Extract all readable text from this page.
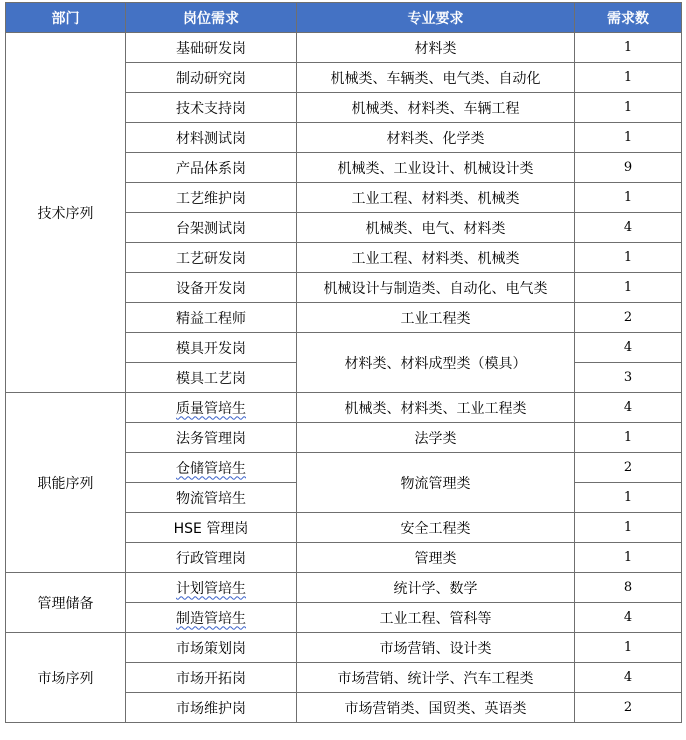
部门	岗位需求	专业要求	需求数
技术序列	基础研发岗	材料类	1
	制动研究岗	机械类、车辆类、电气类、自动化	1
	技术支持岗	机械类、材料类、车辆工程	1
	材料测试岗	材料类、化学类	1
	产品体系岗	机械类、工业设计、机械设计类	9
	工艺维护岗	工业工程、材料类、机械类	1
	台架测试岗	机械类、电气、材料类	4
	工艺研发岗	工业工程、材料类、机械类	1
	设备开发岗	机械设计与制造类、自动化、电气类	1
	精益工程师	工业工程类	2
	模具开发岗	材料类、材料成型类（模具）	4
	模具工艺岗		3
职能序列	质量管培生	机械类、材料类、工业工程类	4
	法务管理岗	法学类	1
	仓储管培生	物流管理类	2
	物流管培生		1
	HSE 管理岗	安全工程类	1
	行政管理岗	管理类	1
管理储备	计划管培生	统计学、数学	8
	制造管培生	工业工程、管科等	4
市场序列	市场策划岗	市场营销、设计类	1
	市场开拓岗	市场营销、统计学、汽车工程类	4
	市场维护岗	市场营销类、国贸类、英语类	2
